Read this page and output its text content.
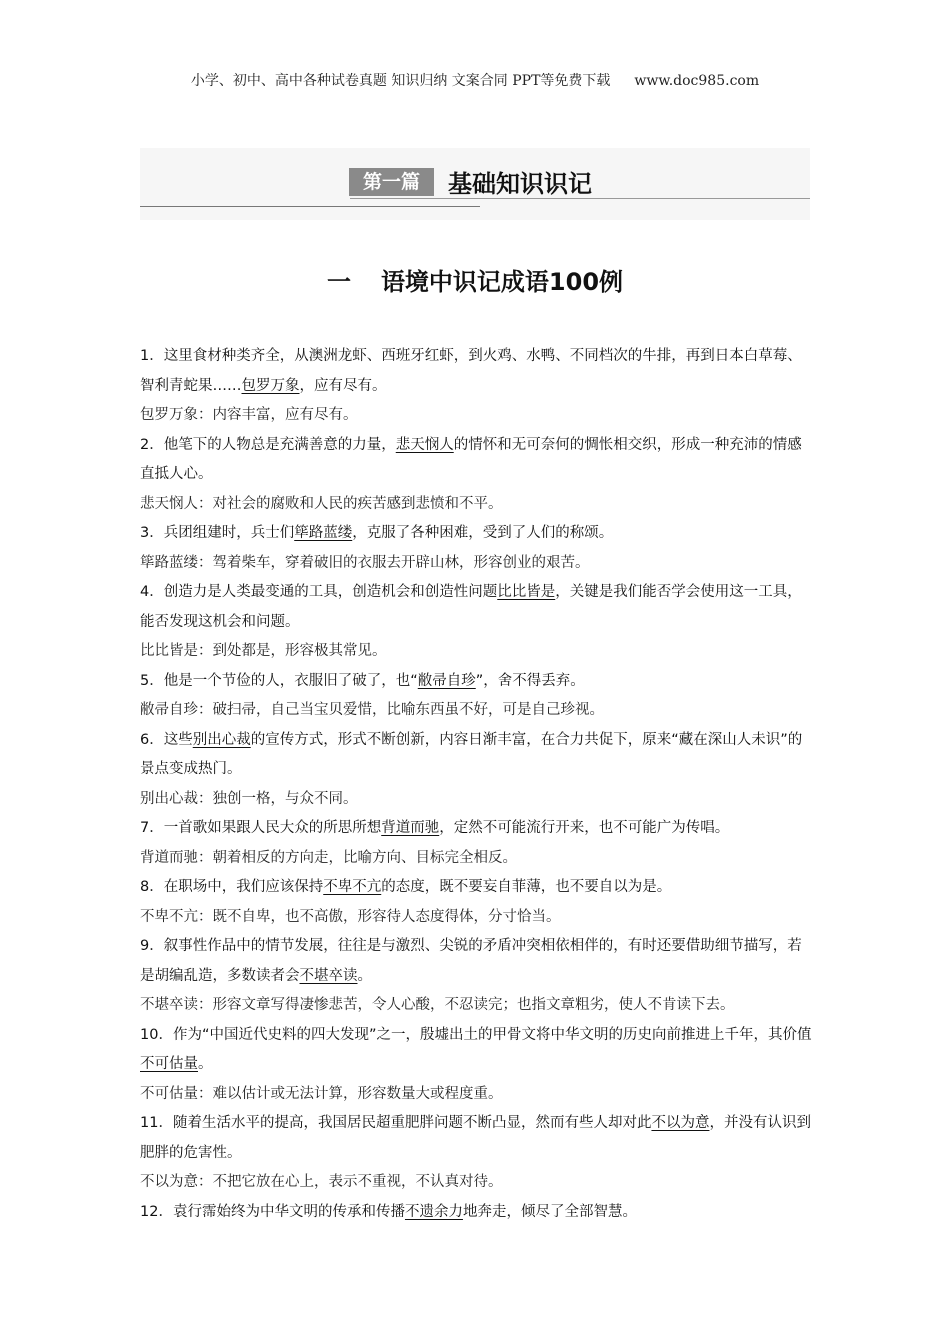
小学、初中、高中各种试卷真题 知识归纳 文案合同 PPT等免费下载 www.doc985.com
第一篇	基础知识识记
一 语境中识记成语100例

1．这里食材种类齐全，从澳洲龙虾、西班牙红虾，到火鸡、水鸭、不同档次的牛排，再到日本白草莓、智利青蛇果……包罗万象，应有尽有。

包罗万象：内容丰富，应有尽有。

2．他笔下的人物总是充满善意的力量，悲天悯人的情怀和无可奈何的惆怅相交织，形成一种充沛的情感直抵人心。

悲天悯人：对社会的腐败和人民的疾苦感到悲愤和不平。

3．兵团组建时，兵士们筚路蓝缕，克服了各种困难，受到了人们的称颂。

筚路蓝缕：驾着柴车，穿着破旧的衣服去开辟山林，形容创业的艰苦。

4．创造力是人类最变通的工具，创造机会和创造性问题比比皆是，关键是我们能否学会使用这一工具，能否发现这机会和问题。

比比皆是：到处都是，形容极其常见。

5．他是一个节俭的人，衣服旧了破了，也“敝帚自珍”，舍不得丢弃。

敝帚自珍：破扫帚，自己当宝贝爱惜，比喻东西虽不好，可是自己珍视。

6．这些别出心裁的宣传方式，形式不断创新，内容日渐丰富，在合力共促下，原来“藏在深山人未识”的景点变成热门。

别出心裁：独创一格，与众不同。

7．一首歌如果跟人民大众的所思所想背道而驰，定然不可能流行开来，也不可能广为传唱。

背道而驰：朝着相反的方向走，比喻方向、目标完全相反。

8．在职场中，我们应该保持不卑不亢的态度，既不要妄自菲薄，也不要自以为是。

不卑不亢：既不自卑，也不高傲，形容待人态度得体，分寸恰当。

9．叙事性作品中的情节发展，往往是与激烈、尖锐的矛盾冲突相依相伴的，有时还要借助细节描写，若是胡编乱造，多数读者会不堪卒读。

不堪卒读：形容文章写得凄惨悲苦，令人心酸，不忍读完；也指文章粗劣，使人不肯读下去。

10．作为“中国近代史料的四大发现”之一，殷墟出土的甲骨文将中华文明的历史向前推进上千年，其价值不可估量。

不可估量：难以估计或无法计算，形容数量大或程度重。

11．随着生活水平的提高，我国居民超重肥胖问题不断凸显，然而有些人却对此不以为意，并没有认识到肥胖的危害性。

不以为意：不把它放在心上，表示不重视，不认真对待。

12．袁行霈始终为中华文明的传承和传播不遗余力地奔走，倾尽了全部智慧。
